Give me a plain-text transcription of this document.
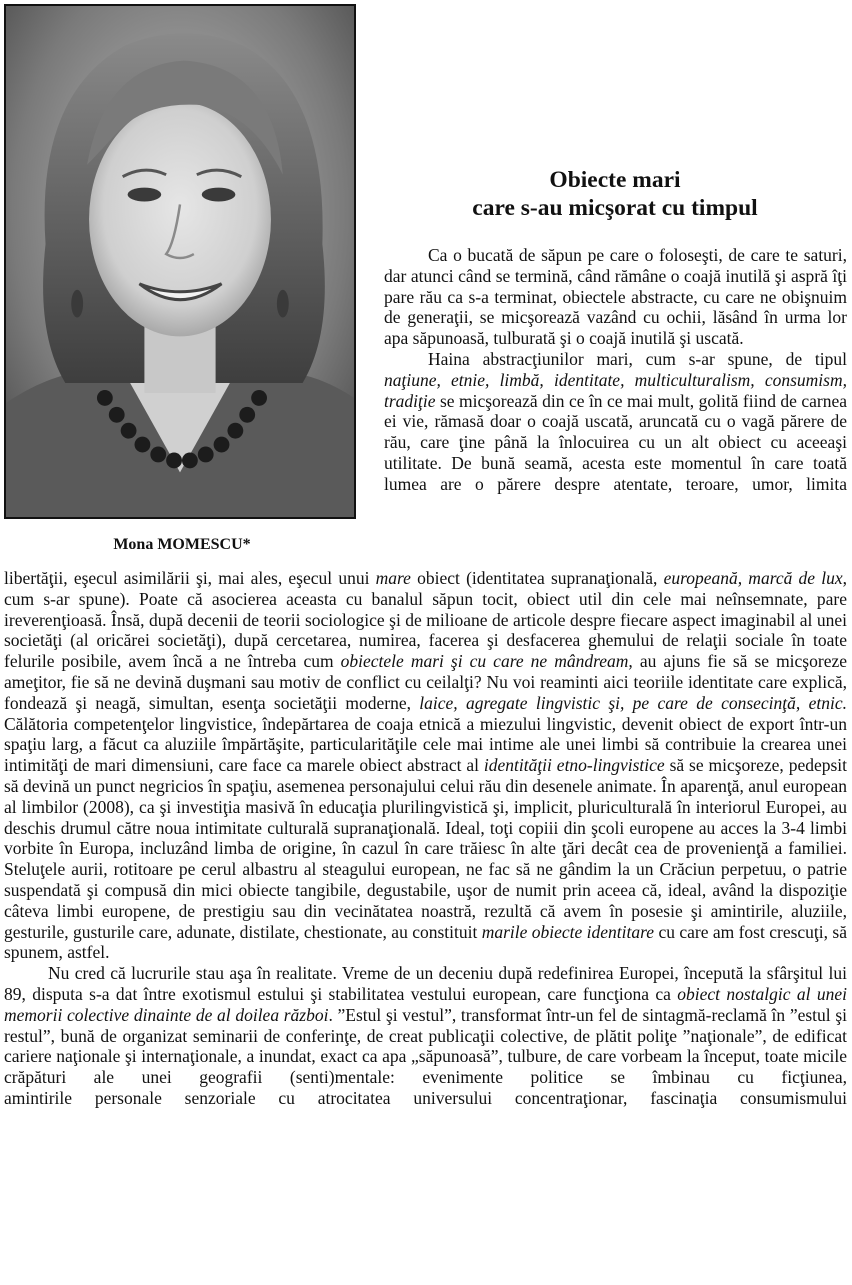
Mona MOMESCU*

Obiecte mari
care s-au micşorat cu timpul

Ca o bucată de săpun pe care o foloseşti, de care te saturi, dar atunci când se termină, când rămâne o coajă inutilă şi aspră îţi pare rău ca s-a terminat, obiectele abstracte, cu care ne obişnuim de generaţii, se micşorează vazând cu ochii, lăsând în urma lor apa săpunoasă, tulburată şi o coajă inutilă şi uscată.

Haina abstracţiunilor mari, cum s-ar spune, de tipul naţiune, etnie, limbă, identitate, multiculturalism, consumism, tradiţie se micşorează din ce în ce mai mult, golită fiind de carnea ei vie, rămasă doar o coajă uscată, aruncată cu o vagă părere de rău, care ţine până la înlocuirea cu un alt obiect cu aceeaşi utilitate. De bună seamă, acesta este momentul în care toată lumea are o părere despre atentate, teroare, umor, limita

libertăţii, eşecul asimilării şi, mai ales, eşecul unui mare obiect (identitatea supranaţională, europeană, marcă de lux, cum s-ar spune). Poate că asocierea aceasta cu banalul săpun tocit, obiect util din cele mai neînsemnate, pare ireverenţioasă. Însă, după decenii de teorii sociologice şi de milioane de articole despre fiecare aspect imaginabil al unei societăţi (al oricărei societăţi), după cercetarea, numirea, facerea şi desfacerea ghemului de relaţii sociale în toate felurile posibile, avem încă a ne întreba cum obiectele mari şi cu care ne mândream, au ajuns fie să se micşoreze ameţitor, fie să ne devină duşmani sau motiv de conflict cu ceilalţi? Nu voi reaminti aici teoriile identitate care explică, fondează şi neagă, simultan, esenţa societăţii moderne, laice, agregate lingvistic şi, pe care de consecinţă, etnic. Călătoria competenţelor lingvistice, îndepărtarea de coaja etnică a miezului lingvistic, devenit obiect de export într-un spaţiu larg, a făcut ca aluziile împărtăşite, particularităţile cele mai intime ale unei limbi să contribuie la crearea unei intimităţi de mari dimensiuni, care face ca marele obiect abstract al identităţii etno-lingvistice să se micşoreze, pedepsit să devină un punct negricios în spaţiu, asemenea personajului celui rău din desenele animate. În aparenţă, anul european al limbilor (2008), ca şi investiţia masivă în educaţia plurilingvistică şi, implicit, pluriculturală în interiorul Europei, au deschis drumul către noua intimitate culturală supranaţională. Ideal, toţi copiii din şcoli europene au acces la 3-4 limbi vorbite în Europa, incluzând limba de origine, în cazul în care trăiesc în alte ţări decât cea de provenienţă a familiei. Steluţele aurii, rotitoare pe cerul albastru al steagului european, ne fac să ne gândim la un Crăciun perpetuu, o patrie suspendată şi compusă din mici obiecte tangibile, degustabile, uşor de numit prin aceea că, ideal, având la dispoziţie câteva limbi europene, de prestigiu sau din vecinătatea noastră, rezultă că avem în posesie şi amintirile, aluziile, gesturile, gusturile care, adunate, distilate, chestionate, au constituit marile obiecte identitare cu care am fost crescuţi, să spunem, astfel.

Nu cred că lucrurile stau aşa în realitate. Vreme de un deceniu după redefinirea Europei, începută la sfârşitul lui 89, disputa s-a dat între exotismul estului şi stabilitatea vestului european, care funcţiona ca obiect nostalgic al unei memorii colective dinainte de al doilea război. ”Estul şi vestul”, transformat într-un fel de sintagmă-reclamă în ”estul şi restul”, bună de organizat seminarii de conferinţe, de creat publicaţii colective, de plătit poliţe ”naţionale”, de edificat cariere naţionale şi internaţionale, a inundat, exact ca apa „săpunoasă”, tulbure, de care vorbeam la început, toate micile crăpături ale unei geografii (senti)mentale: evenimente politice se îmbinau cu ficţiunea,

amintirile personale senzoriale cu atrocitatea universului concentraţionar, fascinaţia consumismului
